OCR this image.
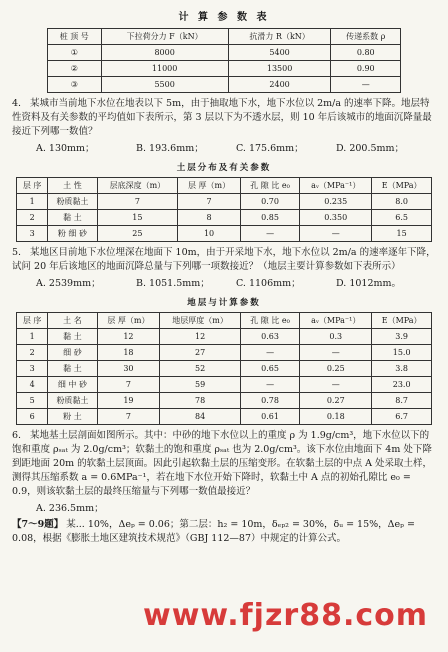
计 算 参 数 表
桩 顶 号	下拉荷分力 F（kN）	抗滑力 R（kN）	传递系数 ρ
①	8000	5400	0.80
②	11000	13500	0.90
③	5500	2400	—
4. 某城市当前地下水位在地表以下 5m，由于抽取地下水，地下水位以 2m/a 的速率下降。地层特性资料及有关参数的平均值如下表所示，第 3 层以下为不透水层，则 10 年后该城市的地面沉降量最接近下列哪一数值？
A. 130mm；	B. 193.6mm；	C. 175.6mm；	D. 200.5mm；
土层分布及有关参数
层 序	土 性	层底深度（m）	层 厚（m）	孔 隙 比 e₀	aᵥ（MPa⁻¹）	E（MPa）
1	粉质黏土	7	7	0.70	0.235	8.0
2	黏 土	15	8	0.85	0.350	6.5
3	粉 细 砂	25	10	—	—	15
5. 某地区目前地下水位埋深在地面下 10m，由于开采地下水，地下水位以 2m/a 的速率逐年下降，试问 20 年后该地区的地面沉降总量与下列哪一项数接近？（地层主要计算参数如下表所示）
A. 2539mm；	B. 1051.5mm；	C. 1106mm；	D. 1012mm。
地层与计算参数
层 序	土 名	层 厚（m）	地层厚度（m）	孔 隙 比 e₀	aᵥ（MPa⁻¹）	E（MPa）
1	黏 土	12	12	0.63	0.3	3.9
2	细 砂	18	27	—	—	15.0
3	黏 土	30	52	0.65	0.25	3.8
4	细 中 砂	7	59	—	—	23.0
5	粉质黏土	19	78	0.78	0.27	8.7
6	粉 土	7	84	0.61	0.18	6.7
6. 某地基土层剖面如图所示。其中：中砂的地下水位以上的重度 ρ 为 1.9g/cm³，地下水位以下的饱和重度 ρₛₐₜ 为 2.0g/cm³；软黏土的饱和重度 ρₛₐₜ 也为 2.0g/cm³。该下水位由地面下 4m 处下降到距地面 20m 的软黏土层顶面。因此引起软黏土层的压缩变形。在软黏土层的中点 A 处采取土样，测得其压缩系数 a = 0.6MPa⁻¹，若在地下水位开始下降时，软黏土中 A 点的初始孔隙比 e₀ = 0.9，则该软黏土层的最终压缩量与下列哪一数值最接近？
A. 236.5mm；
【7～9题】 某... 10%，Δeₚ = 0.06；第二层：h₂ = 10m，δₑₚ₂ = 30%，δᵤ = 15%，Δeₚ = 0.08，根据《膨胀土地区建筑技术规范》（GBJ 112—87）中规定的计算公式。
www.fjzr88.com
